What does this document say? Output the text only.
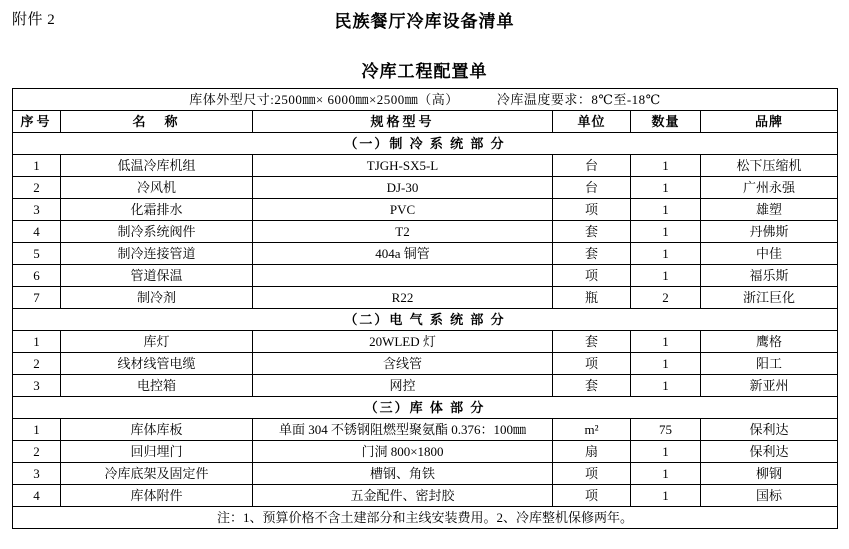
附件 2	民族餐厅冷库设备清单
冷库工程配置单
库体外型尺寸:2500㎜× 6000㎜×2500㎜（高） 冷库温度要求：8℃至-18℃					

序号	名　称	规格型号	单位	数量	品牌
（一）制 冷 系 统 部 分					
1	低温冷库机组	TJGH-SX5-L	台	1	松下压缩机
2	冷风机	DJ-30	台	1	广州永强
3	化霜排水	PVC	项	1	雄塑
4	制冷系统阀件	T2	套	1	丹佛斯
5	制冷连接管道	404a 铜管	套	1	中佳
6	管道保温		项	1	福乐斯
7	制冷剂	R22	瓶	2	浙江巨化
（二）电 气 系 统 部 分					
1	库灯	20WLED 灯	套	1	鹰格
2	线材线管电缆	含线管	项	1	阳工
3	电控箱	网控	套	1	新亚州
（三）库 体 部 分					
1	库体库板	单面 304 不锈钢阻燃型聚氨酯 0.376：100㎜	m²	75	保利达
2	回归埋门	门洞 800×1800	扇	1	保利达
3	冷库底架及固定件	槽钢、角铁	项	1	柳钢
4	库体附件	五金配件、密封胶	项	1	国标
注：1、预算价格不含土建部分和主线安装费用。2、冷库整机保修两年。					
